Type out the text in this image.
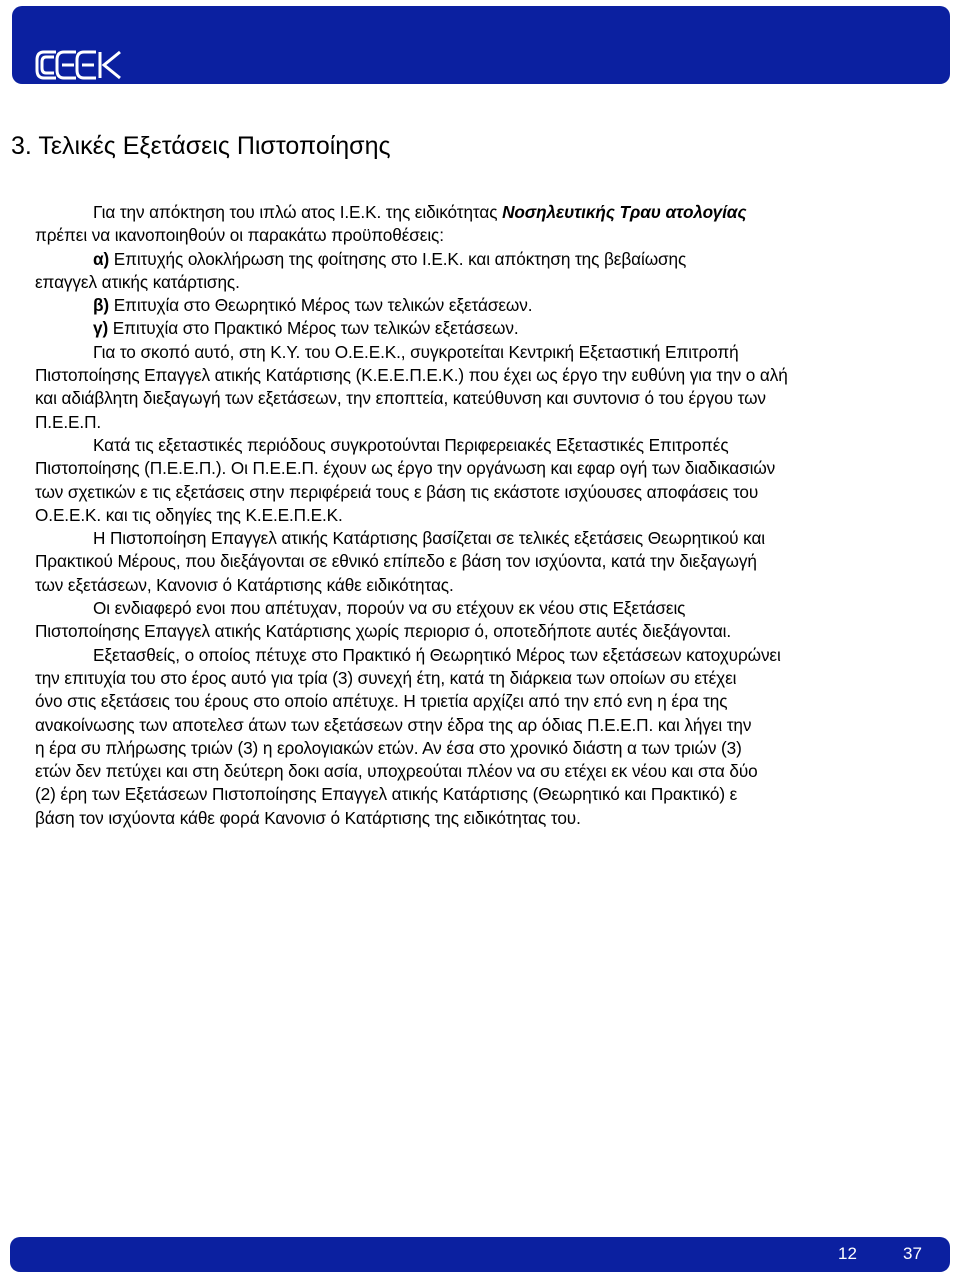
3. Τελικές Εξετάσεις Πιστοποίησης
Για την απόκτηση του ιπλώ ατος Ι.Ε.Κ. της ειδικότητας Νοσηλευτικής Τραυ ατολογίας
πρέπει να ικανοποιηθούν οι παρακάτω προϋποθέσεις:
α) Επιτυχής ολοκλήρωση της φοίτησης στο Ι.Ε.Κ. και απόκτηση της βεβαίωσης
επαγγελ ατικής κατάρτισης.
β) Επιτυχία στο Θεωρητικό Μέρος των τελικών εξετάσεων.
γ) Επιτυχία στο Πρακτικό Μέρος των τελικών εξετάσεων.
Για το σκοπό αυτό, στη Κ.Υ. του Ο.Ε.Ε.Κ., συγκροτείται Κεντρική Εξεταστική Επιτροπή
Πιστοποίησης Επαγγελ ατικής Κατάρτισης (Κ.Ε.Ε.Π.Ε.Κ.) που έχει ως έργο την ευθύνη για την ο αλή
και αδιάβλητη διεξαγωγή των εξετάσεων, την εποπτεία, κατεύθυνση και συντονισ ό του έργου των
Π.Ε.Ε.Π.
Κατά τις εξεταστικές περιόδους συγκροτούνται Περιφερειακές Εξεταστικές Επιτροπές
Πιστοποίησης (Π.Ε.Ε.Π.). Οι Π.Ε.Ε.Π. έχουν ως έργο την οργάνωση και εφαρ ογή των διαδικασιών
των σχετικών ε τις εξετάσεις στην περιφέρειά τους ε βάση τις εκάστοτε ισχύουσες αποφάσεις του
Ο.Ε.Ε.Κ. και τις οδηγίες της Κ.Ε.Ε.Π.Ε.Κ.
Η Πιστοποίηση Επαγγελ ατικής Κατάρτισης βασίζεται σε τελικές εξετάσεις Θεωρητικού και
Πρακτικού Μέρους, που διεξάγονται σε εθνικό επίπεδο ε βάση τον ισχύοντα, κατά την διεξαγωγή
των εξετάσεων, Κανονισ ό Κατάρτισης κάθε ειδικότητας.
Οι ενδιαφερό ενοι που απέτυχαν, πορούν να συ ετέχουν εκ νέου στις Εξετάσεις
Πιστοποίησης Επαγγελ ατικής Κατάρτισης χωρίς περιορισ ό, οποτεδήποτε αυτές διεξάγονται.
Εξετασθείς, ο οποίος πέτυχε στο Πρακτικό ή Θεωρητικό Μέρος των εξετάσεων κατοχυρώνει
την επιτυχία του στο έρος αυτό για τρία (3) συνεχή έτη, κατά τη διάρκεια των οποίων συ ετέχει
όνο στις εξετάσεις του έρους στο οποίο απέτυχε. Η τριετία αρχίζει από την επό ενη η έρα της
ανακοίνωσης των αποτελεσ άτων των εξετάσεων στην έδρα της αρ όδιας Π.Ε.Ε.Π. και λήγει την
η έρα συ πλήρωσης τριών (3) η ερολογιακών ετών. Αν έσα στο χρονικό διάστη α των τριών (3)
ετών δεν πετύχει και στη δεύτερη δοκι ασία, υποχρεούται πλέον να συ ετέχει εκ νέου και στα δύο
(2) έρη των Εξετάσεων Πιστοποίησης Επαγγελ ατικής Κατάρτισης (Θεωρητικό και Πρακτικό) ε
βάση τον ισχύοντα κάθε φορά Κανονισ ό Κατάρτισης της ειδικότητας του.
12	37
